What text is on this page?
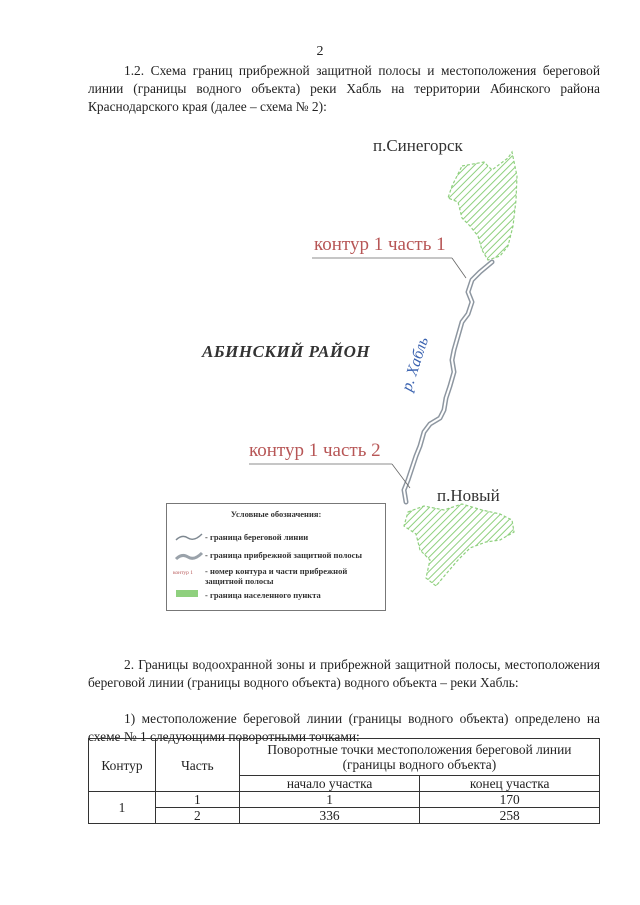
2

1.2. Схема границ прибрежной защитной полосы и местоположения береговой линии (границы водного объекта) реки Хабль на территории Абинского района Краснодарского края (далее – схема № 2):

р. Хабль
п.Синегорск
контур 1 часть 1
АБИНСКИЙ РАЙОН
контур 1 часть 2
п.Новый
Условные обозначения:
- граница береговой линии
- граница прибрежной защитной полосы
контур 1 - номер контура и части прибрежной защитной полосы
- граница населенного пункта

2. Границы водоохранной зоны и прибрежной защитной полосы, местоположения береговой линии (границы водного объекта) водного объекта – реки Хабль:

1) местоположение береговой линии (границы водного объекта) определено на схеме № 1 следующими поворотными точками:

Контур	Часть	Поворотные точки местоположения береговой линии (границы водного объекта)	
		начало участка	конец участка
1	1	1	170
	2	336	258
